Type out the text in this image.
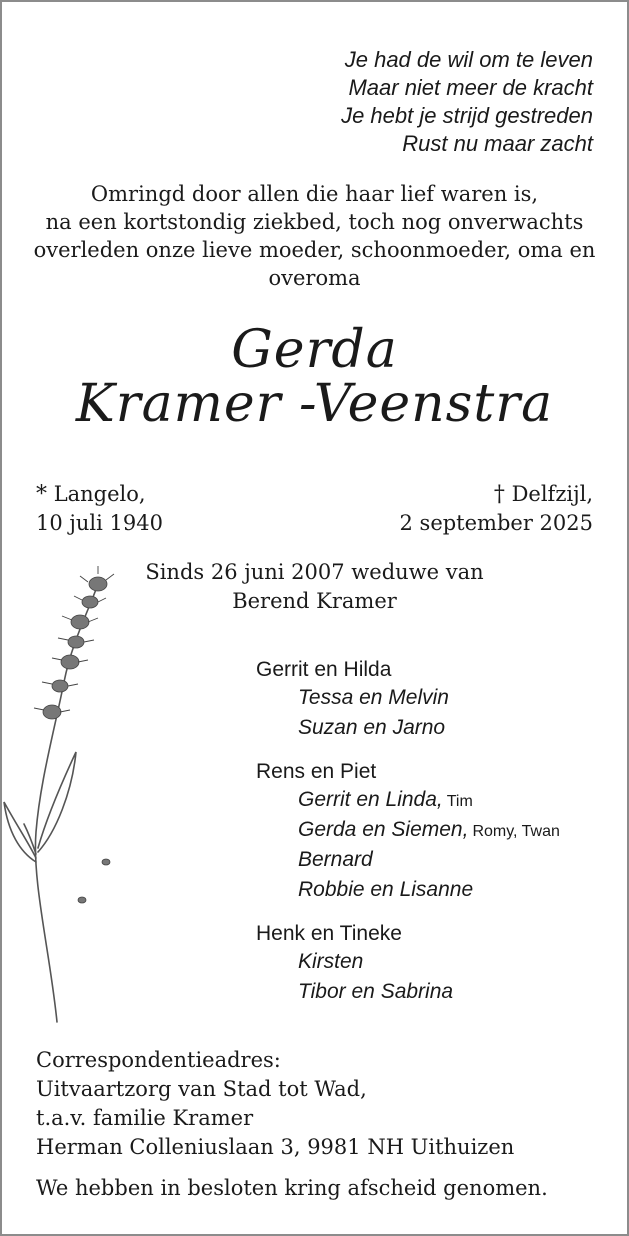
Je had de wil om te leven
Maar niet meer de kracht
Je hebt je strijd gestreden
Rust nu maar zacht
Omringd door allen die haar lief waren is,
na een kortstondig ziekbed, toch nog onverwachts
overleden onze lieve moeder, schoonmoeder, oma en
overoma
Gerda
Kramer -Veenstra
* Langelo,
10 juli 1940
† Delfzijl,
2 september 2025
Sinds 26 juni 2007 weduwe van
Berend Kramer
Gerrit en Hilda
Tessa en Melvin
Suzan en Jarno
Rens en Piet
Gerrit en Linda, Tim
Gerda en Siemen, Romy, Twan
Bernard
Robbie en Lisanne
Henk en Tineke
Kirsten
Tibor en Sabrina
Correspondentieadres:
Uitvaartzorg van Stad tot Wad,
t.a.v. familie Kramer
Herman Colleniuslaan 3, 9981 NH Uithuizen
We hebben in besloten kring afscheid genomen.
